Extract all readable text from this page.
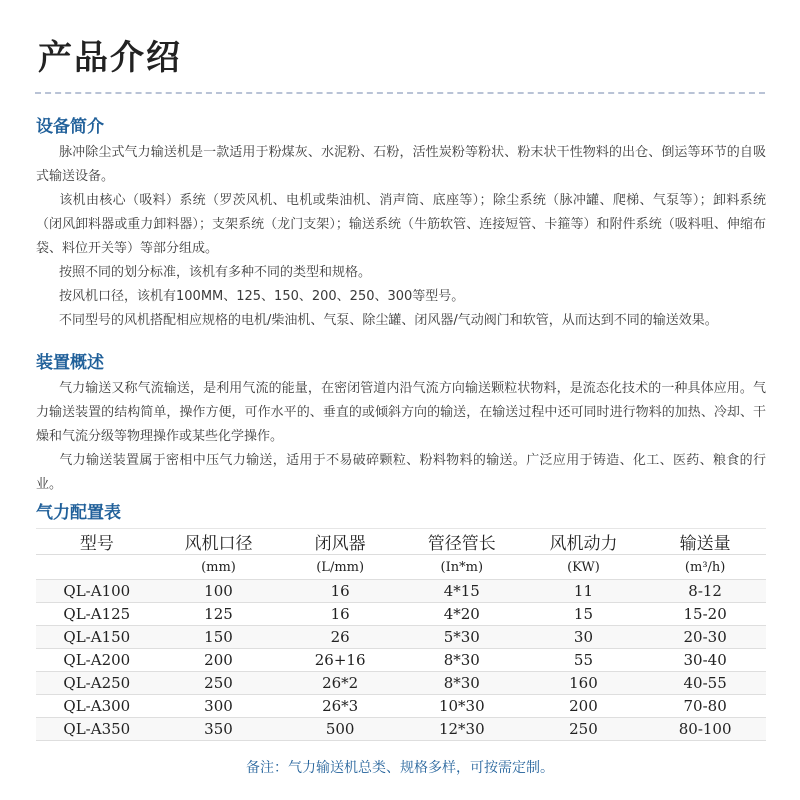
产品介绍
设备简介

脉冲除尘式气力输送机是一款适用于粉煤灰、水泥粉、石粉，活性炭粉等粉状、粉末状干性物料的出仓、倒运等环节的自吸式输送设备。

该机由核心（吸料）系统（罗茨风机、电机或柴油机、消声筒、底座等）；除尘系统（脉冲罐、爬梯、气泵等）；卸料系统（闭风卸料器或重力卸料器）；支架系统（龙门支架）；输送系统（牛筋软管、连接短管、卡箍等）和附件系统（吸料咀、伸缩布袋、料位开关等）等部分组成。

按照不同的划分标准，该机有多种不同的类型和规格。

按风机口径，该机有100MM、125、150、200、250、300等型号。

不同型号的风机搭配相应规格的电机/柴油机、气泵、除尘罐、闭风器/气动阀门和软管，从而达到不同的输送效果。

装置概述

气力输送又称气流输送，是利用气流的能量，在密闭管道内沿气流方向输送颗粒状物料，是流态化技术的一种具体应用。气力输送装置的结构简单，操作方便，可作水平的、垂直的或倾斜方向的输送，在输送过程中还可同时进行物料的加热、冷却、干燥和气流分级等物理操作或某些化学操作。

气力输送装置属于密相中压气力输送，适用于不易破碎颗粒、粉料物料的输送。广泛应用于铸造、化工、医药、粮食的行业。

气力配置表
型号	风机口径	闭风器	管径管长	风机动力	输送量
	(mm)	(L/mm)	(In*m)	(KW)	(m³/h)
QL-A100	100	16	4*15	11	8-12
QL-A125	125	16	4*20	15	15-20
QL-A150	150	26	5*30	30	20-30
QL-A200	200	26+16	8*30	55	30-40
QL-A250	250	26*2	8*30	160	40-55
QL-A300	300	26*3	10*30	200	70-80
QL-A350	350	500	12*30	250	80-100
备注：气力输送机总类、规格多样，可按需定制。
